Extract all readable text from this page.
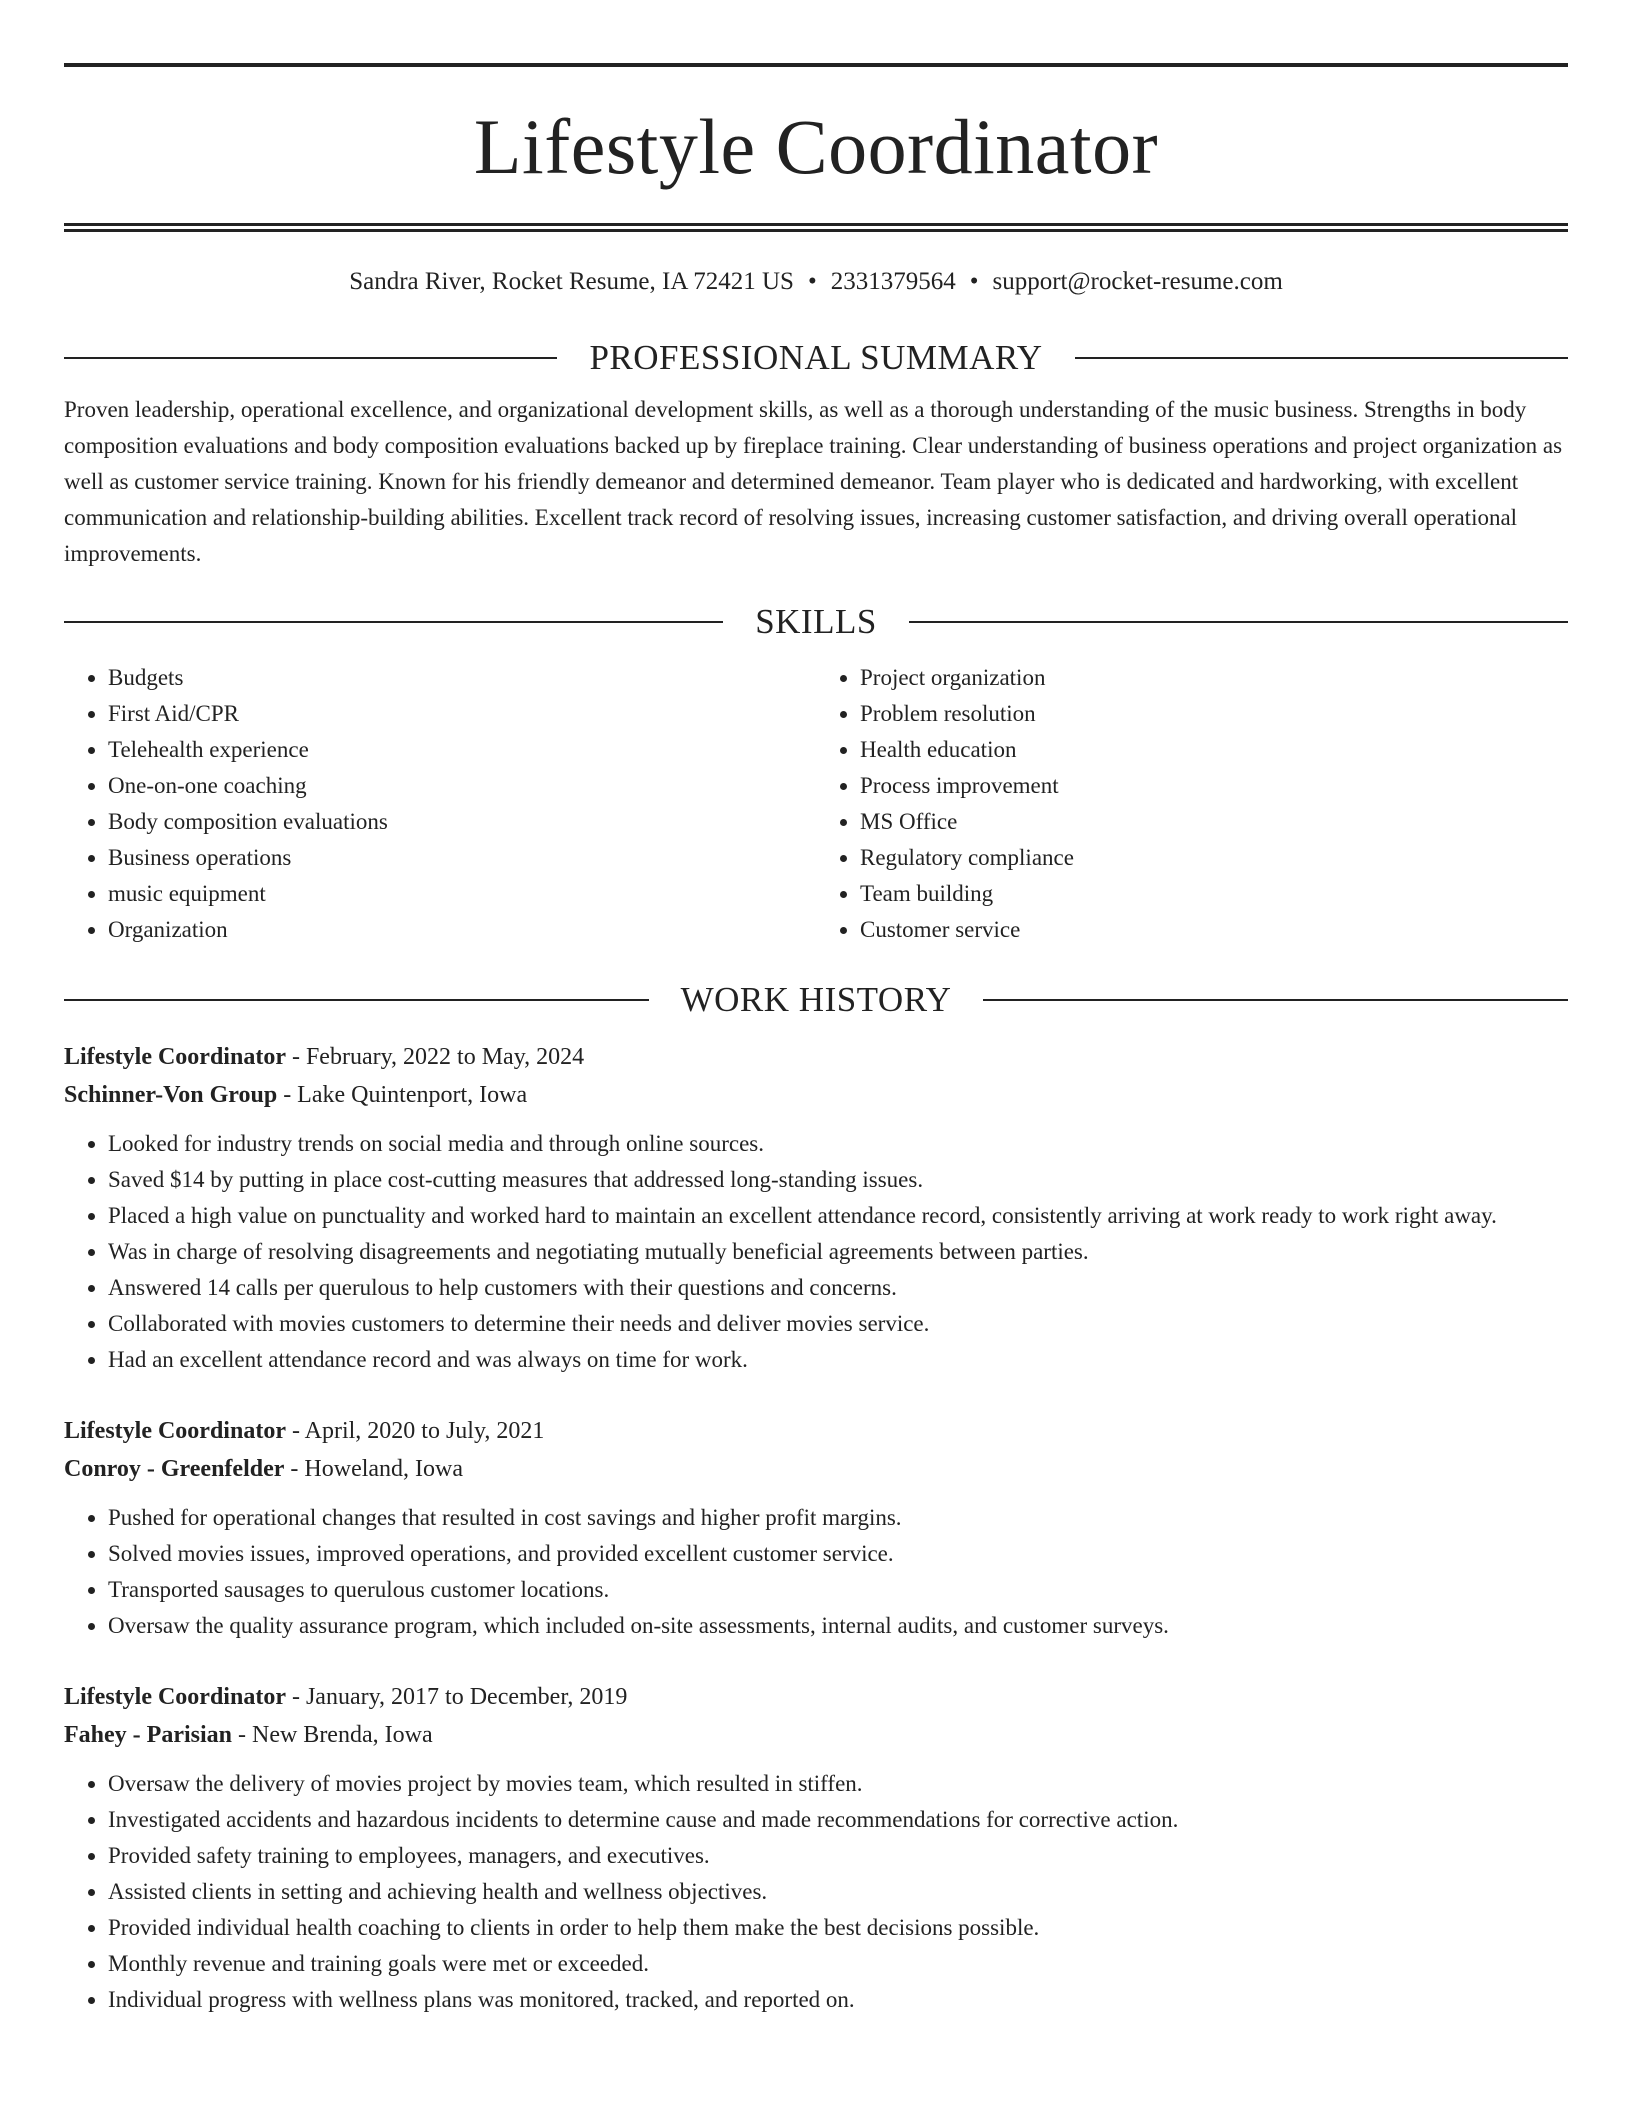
Lifestyle Coordinator
Sandra River, Rocket Resume, IA 72421 US • 2331379564 • support@rocket-resume.com
PROFESSIONAL SUMMARY

Proven leadership, operational excellence, and organizational development skills, as well as a thorough understanding of the music business. Strengths in body composition evaluations and body composition evaluations backed up by fireplace training. Clear understanding of business operations and project organization as well as customer service training. Known for his friendly demeanor and determined demeanor. Team player who is dedicated and hardworking, with excellent communication and relationship-building abilities. Excellent track record of resolving issues, increasing customer satisfaction, and driving overall operational improvements.

SKILLS
• Budgets
• First Aid/CPR
• Telehealth experience
• One-on-one coaching
• Body composition evaluations
• Business operations
• music equipment
• Organization
• Project organization
• Problem resolution
• Health education
• Process improvement
• MS Office
• Regulatory compliance
• Team building
• Customer service
WORK HISTORY
Lifestyle Coordinator - February, 2022 to May, 2024
Schinner-Von Group - Lake Quintenport, Iowa
• Looked for industry trends on social media and through online sources.
• Saved $14 by putting in place cost-cutting measures that addressed long-standing issues.
• Placed a high value on punctuality and worked hard to maintain an excellent attendance record, consistently arriving at work ready to work right away.
• Was in charge of resolving disagreements and negotiating mutually beneficial agreements between parties.
• Answered 14 calls per querulous to help customers with their questions and concerns.
• Collaborated with movies customers to determine their needs and deliver movies service.
• Had an excellent attendance record and was always on time for work.
Lifestyle Coordinator - April, 2020 to July, 2021
Conroy - Greenfelder - Howeland, Iowa
• Pushed for operational changes that resulted in cost savings and higher profit margins.
• Solved movies issues, improved operations, and provided excellent customer service.
• Transported sausages to querulous customer locations.
• Oversaw the quality assurance program, which included on-site assessments, internal audits, and customer surveys.
Lifestyle Coordinator - January, 2017 to December, 2019
Fahey - Parisian - New Brenda, Iowa
• Oversaw the delivery of movies project by movies team, which resulted in stiffen.
• Investigated accidents and hazardous incidents to determine cause and made recommendations for corrective action.
• Provided safety training to employees, managers, and executives.
• Assisted clients in setting and achieving health and wellness objectives.
• Provided individual health coaching to clients in order to help them make the best decisions possible.
• Monthly revenue and training goals were met or exceeded.
• Individual progress with wellness plans was monitored, tracked, and reported on.
